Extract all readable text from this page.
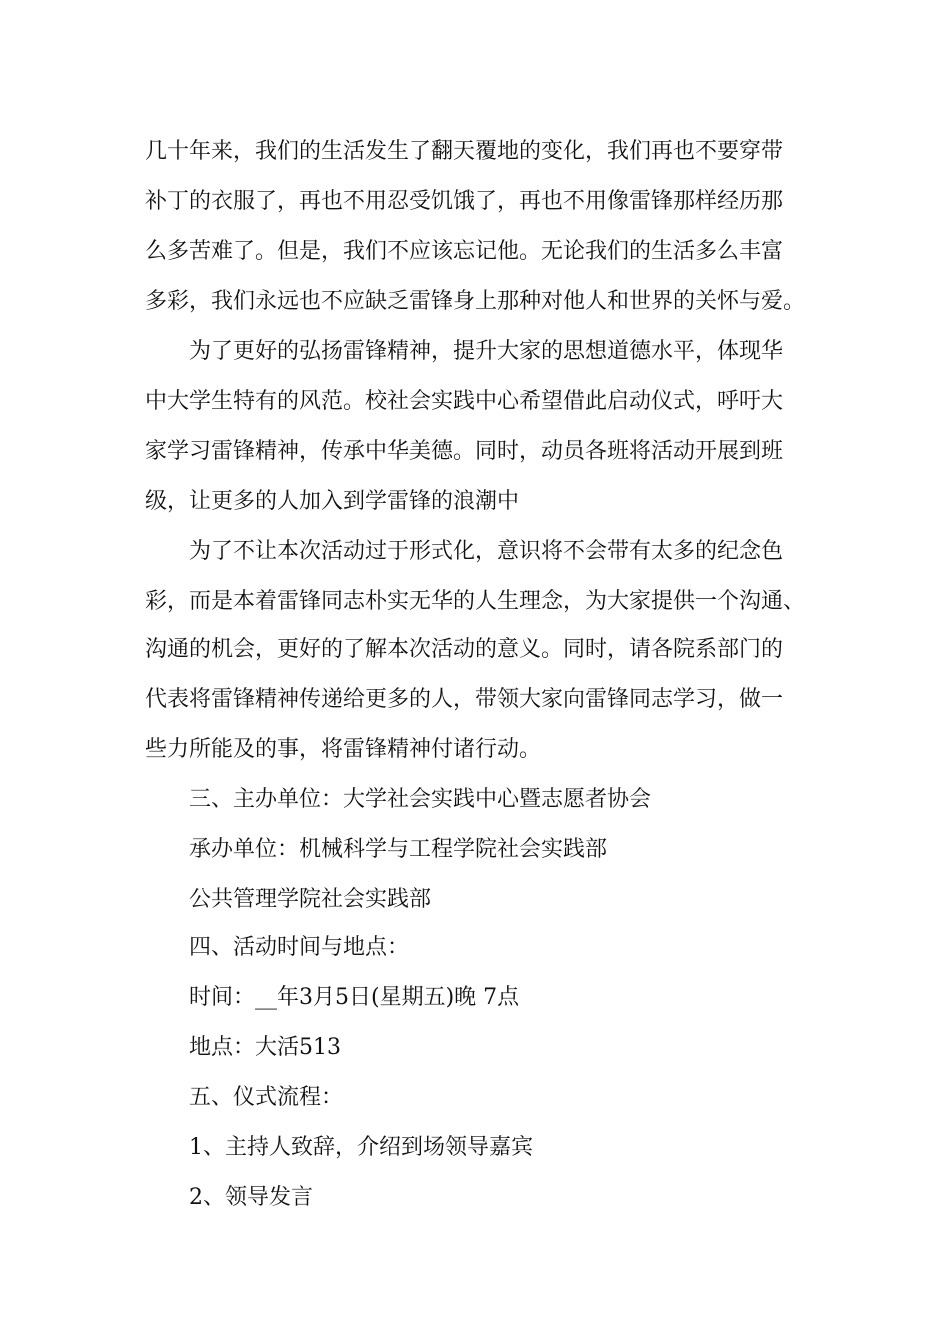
几十年来，我们的生活发生了翻天覆地的变化，我们再也不要穿带

补丁的衣服了，再也不用忍受饥饿了，再也不用像雷锋那样经历那

么多苦难了。但是，我们不应该忘记他。无论我们的生活多么丰富

多彩，我们永远也不应缺乏雷锋身上那种对他人和世界的关怀与爱。

为了更好的弘扬雷锋精神，提升大家的思想道德水平，体现华

中大学生特有的风范。校社会实践中心希望借此启动仪式，呼吁大

家学习雷锋精神，传承中华美德。同时，动员各班将活动开展到班

级，让更多的人加入到学雷锋的浪潮中

为了不让本次活动过于形式化，意识将不会带有太多的纪念色

彩，而是本着雷锋同志朴实无华的人生理念，为大家提供一个沟通、

沟通的机会，更好的了解本次活动的意义。同时，请各院系部门的

代表将雷锋精神传递给更多的人，带领大家向雷锋同志学习，做一

些力所能及的事，将雷锋精神付诸行动。

三、主办单位：大学社会实践中心暨志愿者协会

承办单位：机械科学与工程学院社会实践部

公共管理学院社会实践部

四、活动时间与地点：

时间：__年3月5日(星期五)晚 7点

地点：大活513

五、仪式流程：

1、主持人致辞，介绍到场领导嘉宾

2、领导发言
